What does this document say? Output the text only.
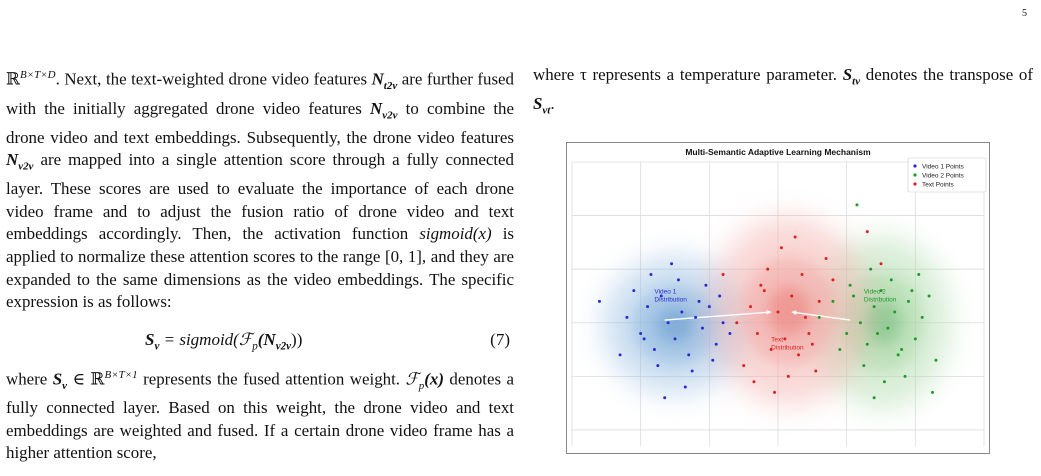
5

ℝ$^{B\times T\times D}$. Next, the text-weighted drone video features $N_{t2v}$ are further fused with the initially aggregated drone video features $N_{v2v}$ to combine the drone video and text embeddings. Subsequently, the drone video features $N_{v2v}$ are mapped into a single attention score through a fully connected layer. These scores are used to evaluate the importance of each drone video frame and to adjust the fusion ratio of drone video and text embeddings accordingly. Then, the activation function sigmoid(x) is applied to normalize these attention scores to the range [0, 1], and they are expanded to the same dimensions as the video embeddings. The specific expression is as follows:

$S_v$ = $sigmoid(ℱ_p(N_{v2v}))$	(7)

where $S_v$ ∈ ℝ$^{B\times T\times 1}$ represents the fused attention weight. ℱ$_p$(x) denotes a fully connected layer. Based on this weight, the drone video and text embeddings are weighted and fused. If a certain drone video frame has a higher attention score,

where τ represents a temperature parameter. $S_{tv}$ denotes the transpose of $S_{vt}$.

Video 1
Distribution
Video 2
Distribution
Text
Distribution
Multi-Semantic Adaptive Learning Mechanism
Video 1 Points
Video 2 Points
Text Points
